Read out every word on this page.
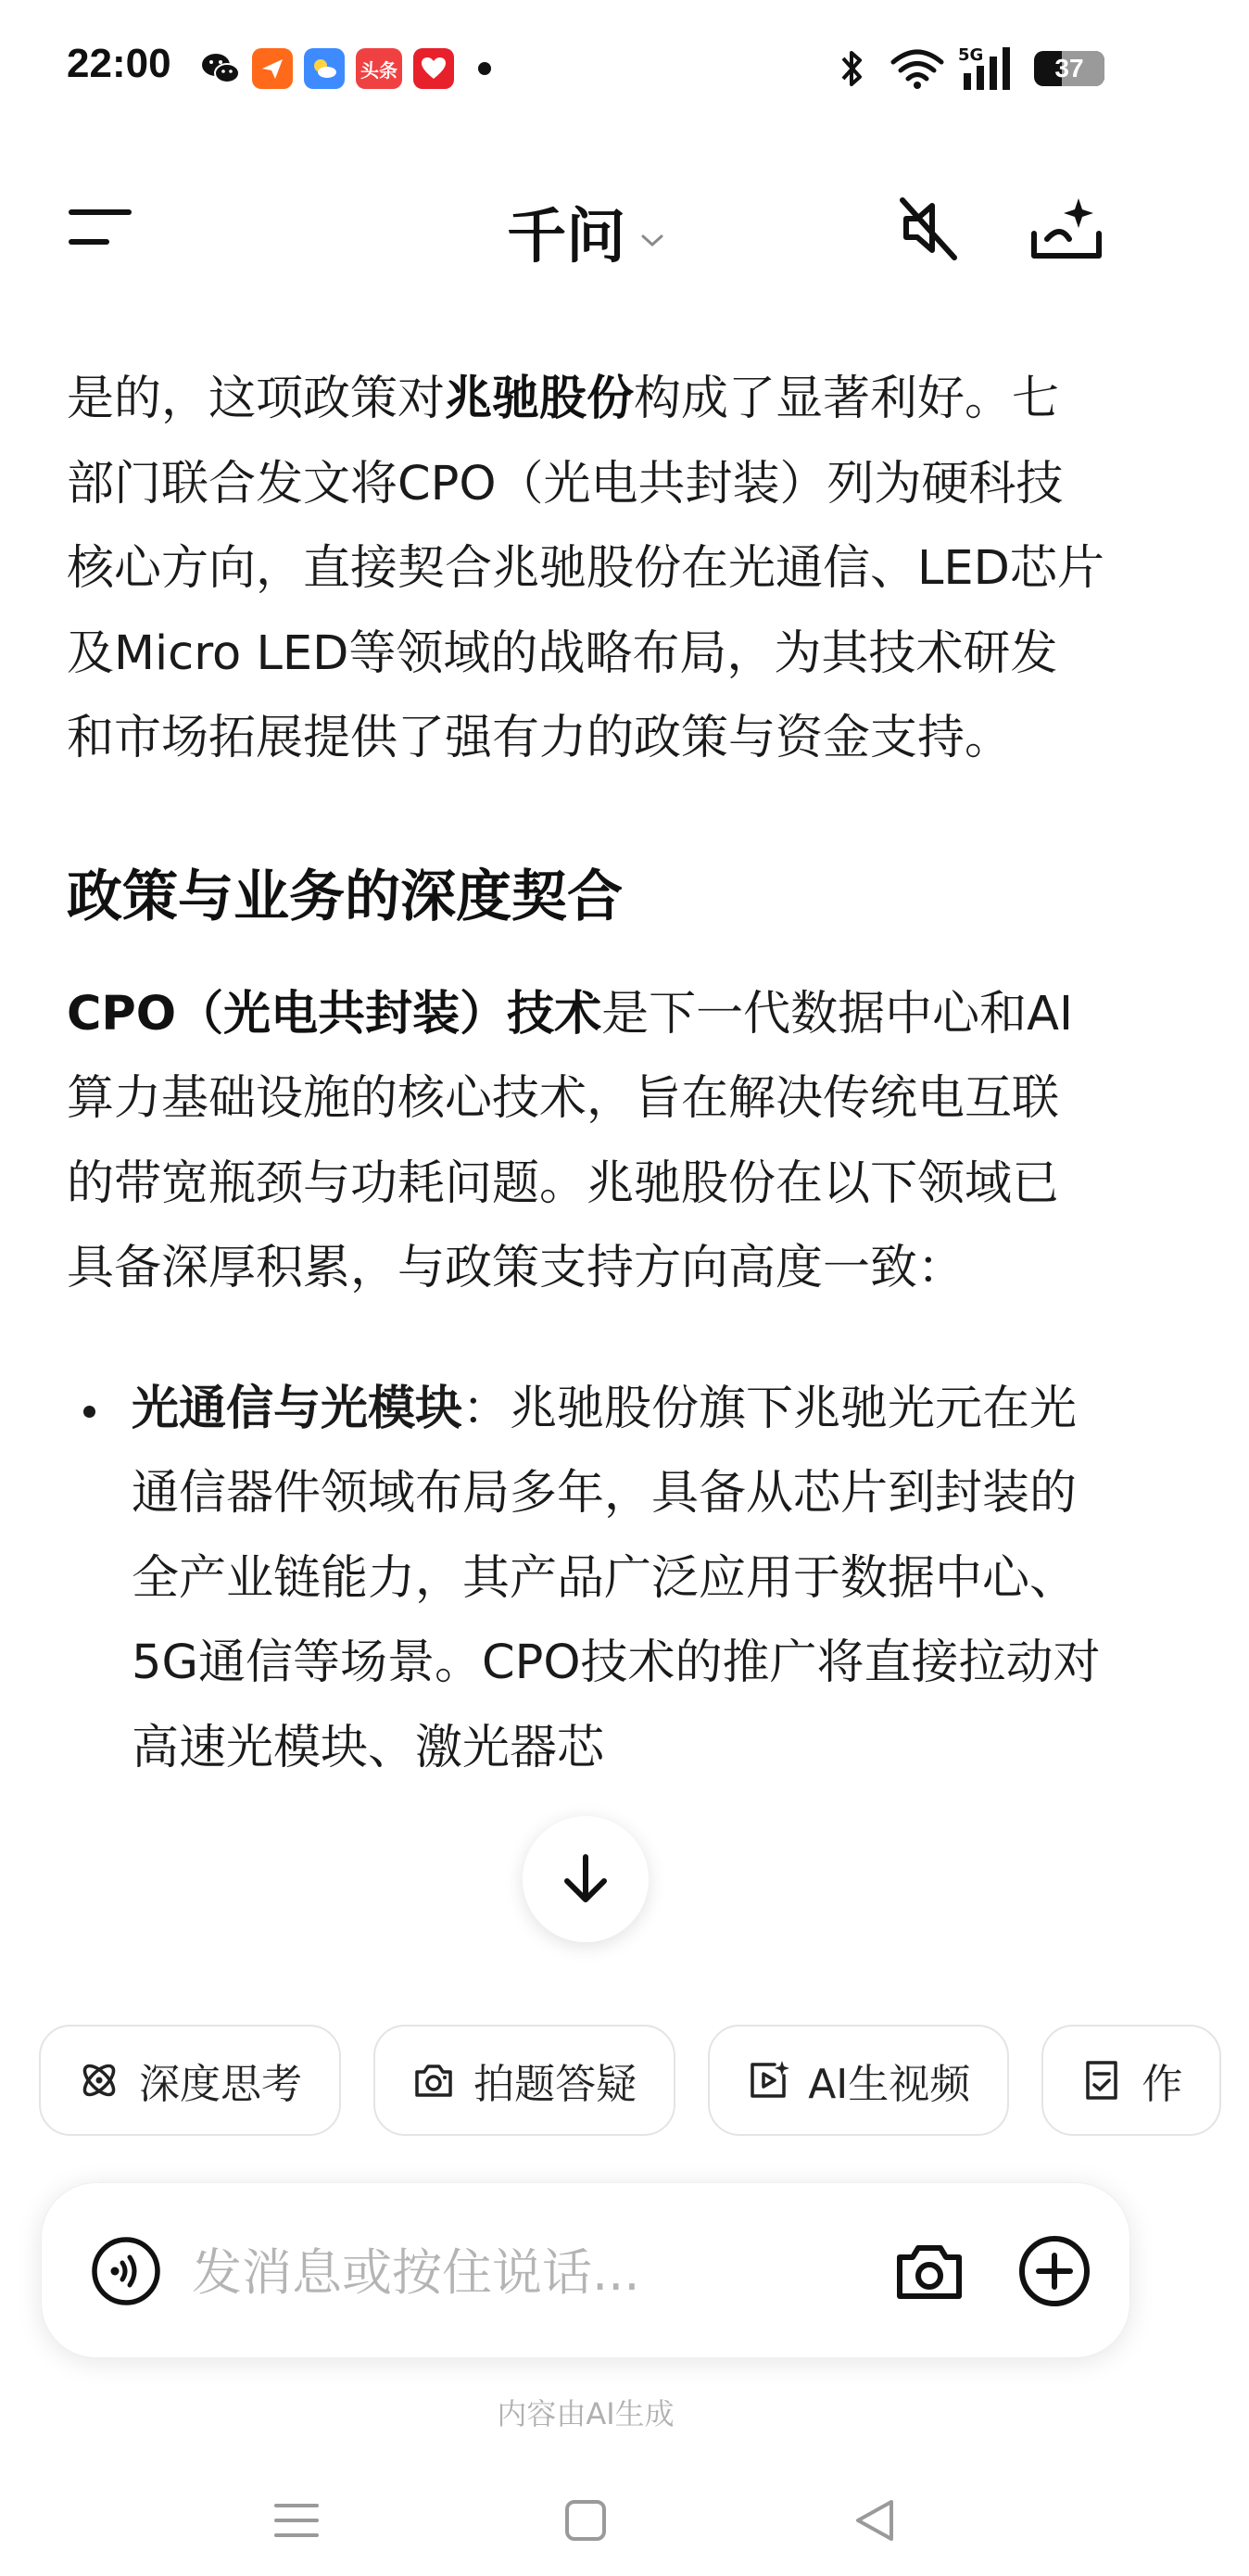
22:00	头条
5G	37
千问

是的，这项政策对兆驰股份构成了显著利好。七部门联合发文将CPO（光电共封装）列为硬科技核心方向，直接契合兆驰股份在光通信、LED芯片及Micro LED等领域的战略布局，为其技术研发和市场拓展提供了强有力的政策与资金支持。

政策与业务的深度契合

CPO（光电共封装）技术是下一代数据中心和AI算力基础设施的核心技术，旨在解决传统电互联的带宽瓶颈与功耗问题。兆驰股份在以下领域已具备深厚积累，与政策支持方向高度一致：

光通信与光模块：兆驰股份旗下兆驰光元在光通信器件领域布局多年，具备从芯片到封装的全产业链能力，其产品广泛应用于数据中心、5G通信等场景。CPO技术的推广将直接拉动对高速光模块、激光器芯
深度思考
	拍题答疑
	AI生视频
	作
发消息或按住说话...
内容由AI生成
